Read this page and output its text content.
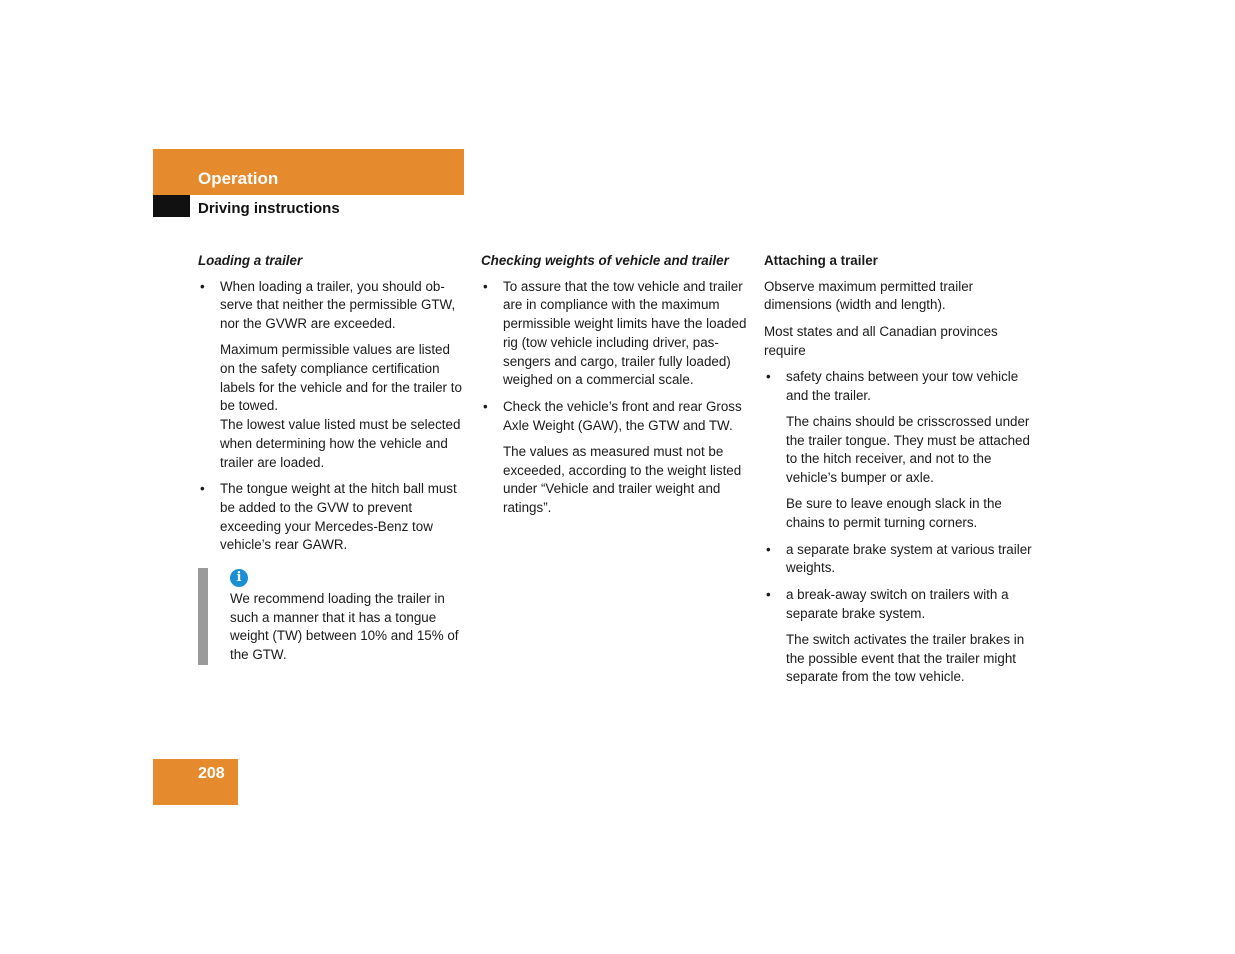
Operation
Driving instructions
Loading a trailer
• When loading a trailer, you should observe that neither the permissible GTW, nor the GVWR are exceeded.
Maximum permissible values are listed on the safety compliance certification labels for the vehicle and for the trailer to be towed.
The lowest value listed must be selected when determining how the vehicle and trailer are loaded.
• The tongue weight at the hitch ball must be added to the GVW to prevent exceeding your Mercedes-Benz tow vehicle’s rear GAWR.
i
We recommend loading the trailer in such a manner that it has a tongue weight (TW) between 10% and 15% of the GTW.
Checking weights of vehicle and trailer
• To assure that the tow vehicle and trailer are in compliance with the maximum permissible weight limits have the loaded rig (tow vehicle including driver, passengers and cargo, trailer fully loaded) weighed on a commercial scale.
• Check the vehicle’s front and rear Gross Axle Weight (GAW), the GTW and TW.
The values as measured must not be exceeded, according to the weight listed under “Vehicle and trailer weight and ratings”.
Attaching a trailer

Observe maximum permitted trailer dimensions (width and length).

Most states and all Canadian provinces require

• safety chains between your tow vehicle and the trailer.
The chains should be crisscrossed under the trailer tongue. They must be attached to the hitch receiver, and not to the vehicle’s bumper or axle.
Be sure to leave enough slack in the chains to permit turning corners.
• a separate brake system at various trailer weights.
• a break-away switch on trailers with a separate brake system.
The switch activates the trailer brakes in the possible event that the trailer might separate from the tow vehicle.
208
